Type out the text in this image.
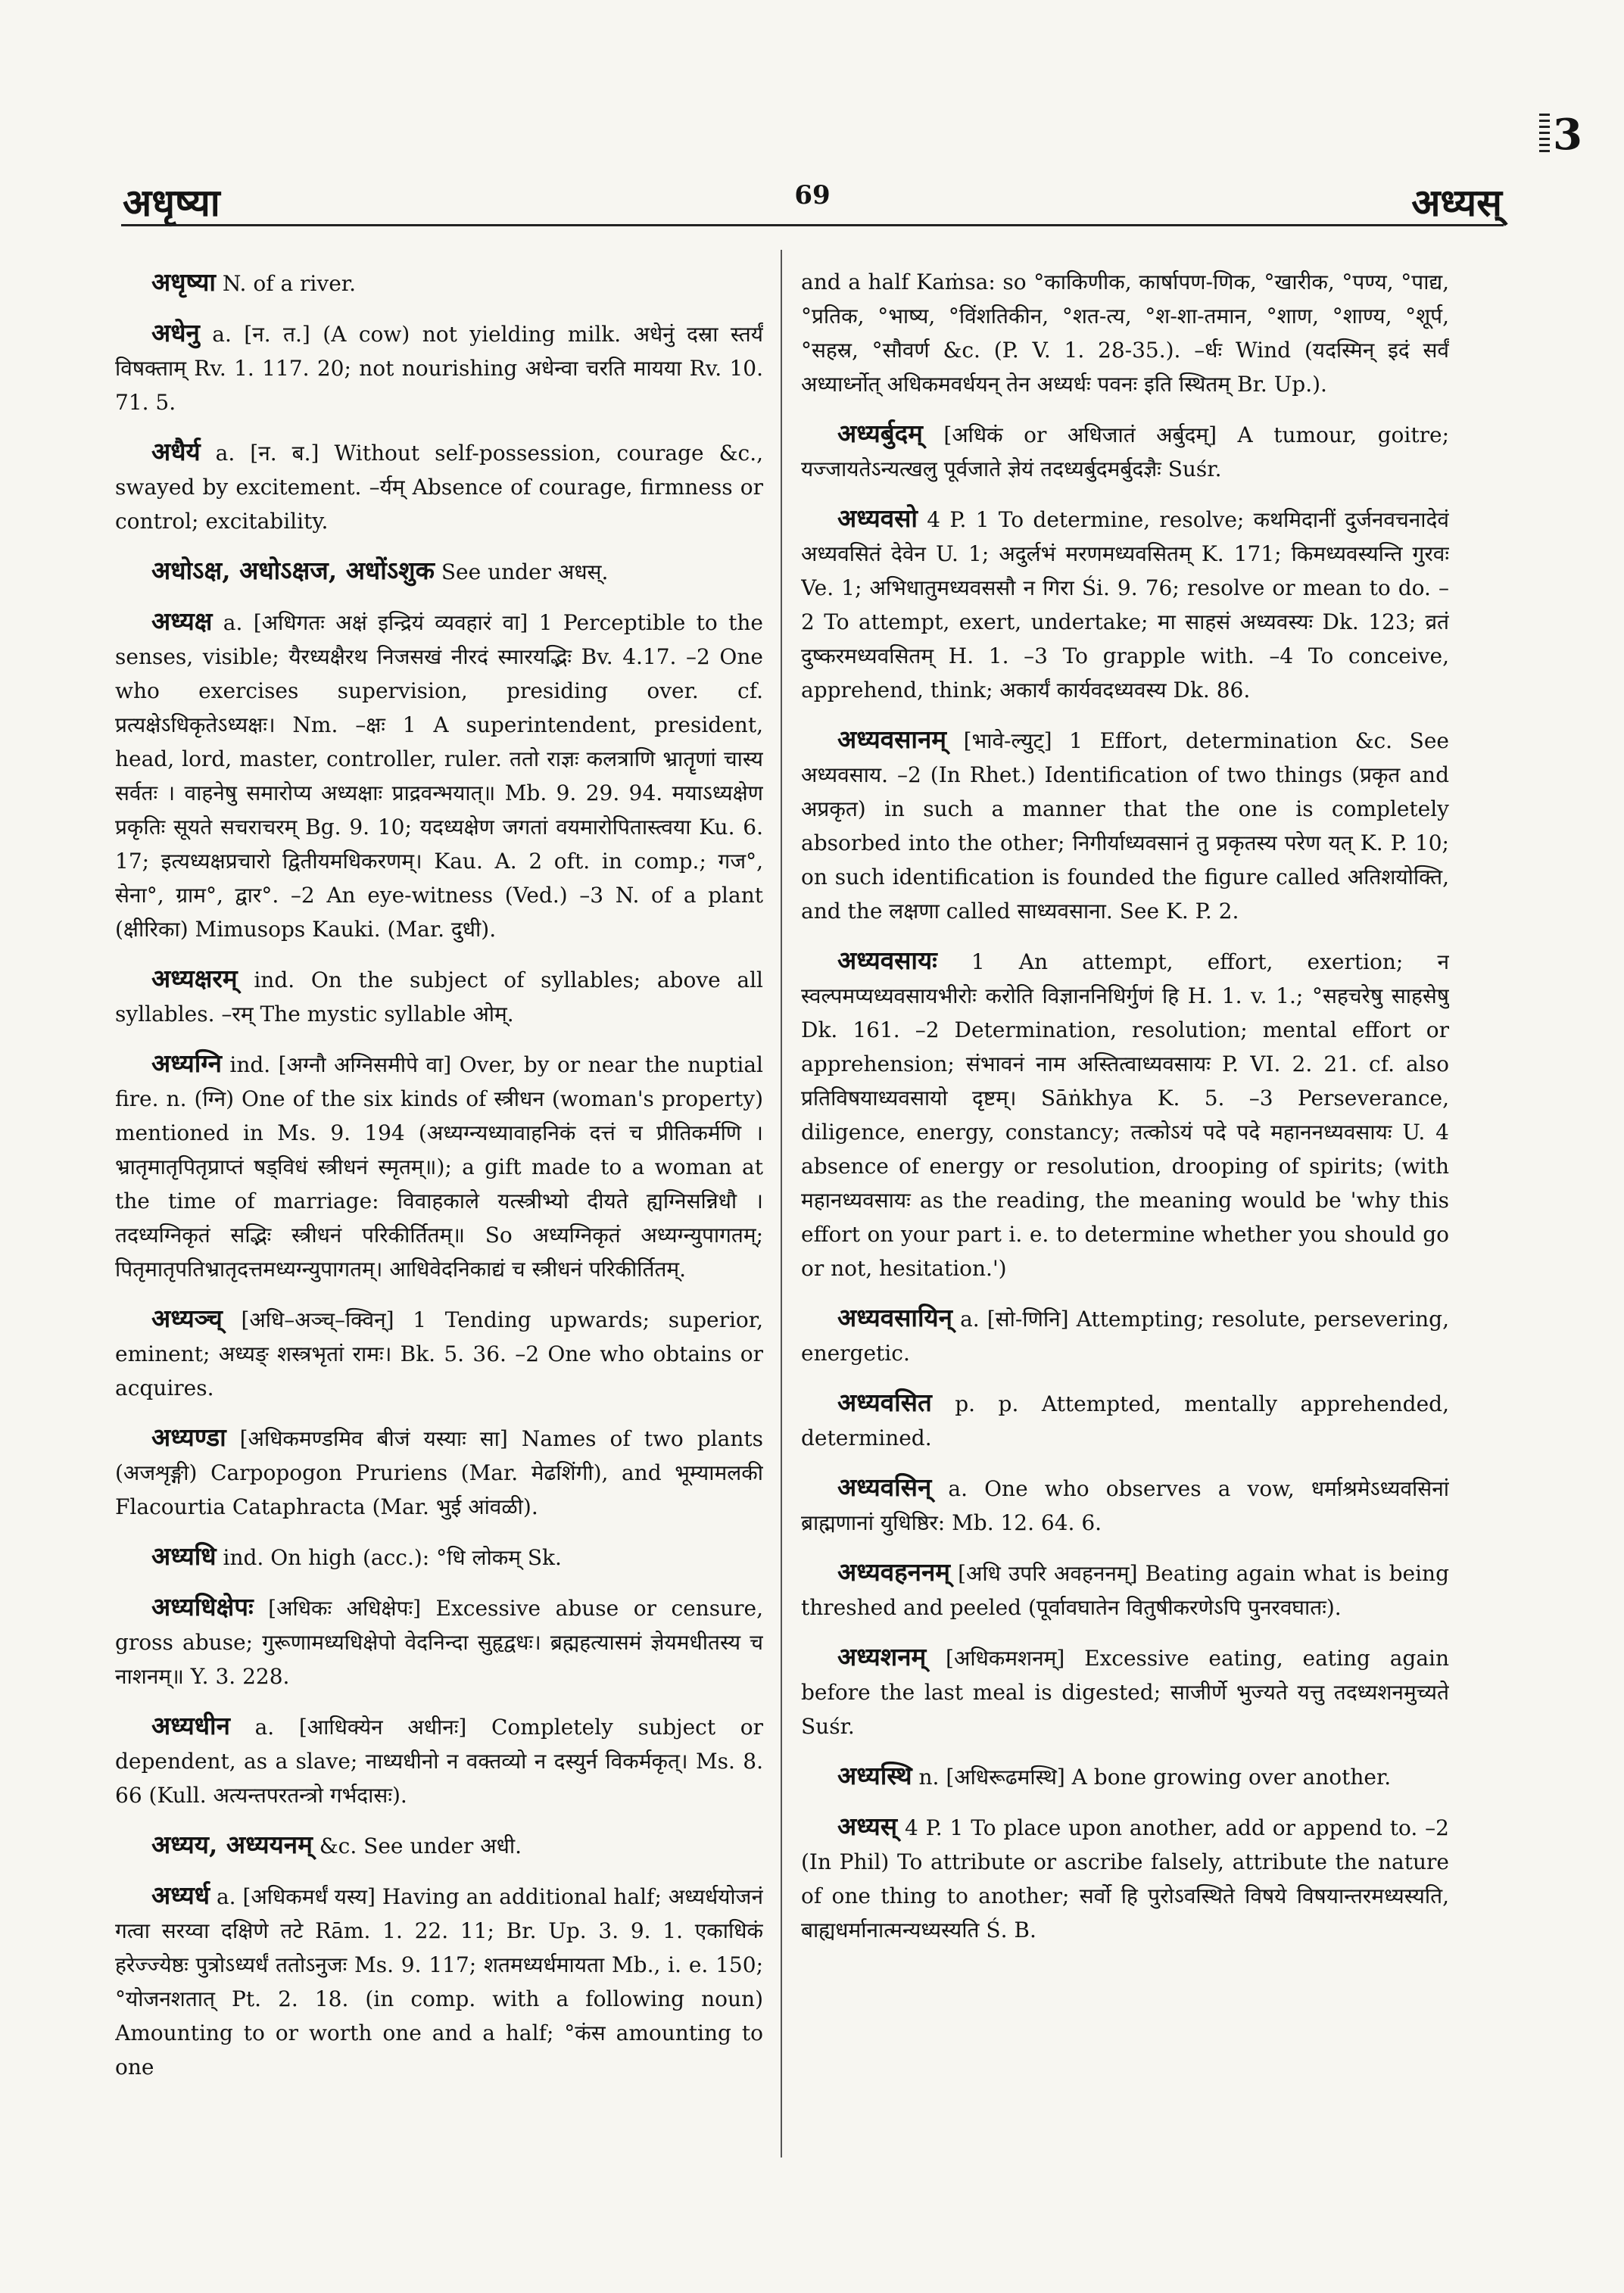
3
अधृष्या	69	अध्यस्

अधृष्या N. of a river.

अधेनु a. [न. त.] (A cow) not yielding milk. अधेनुं दस्रा स्तर्यं विषक्ताम् Rv. 1. 117. 20; not nourishing अधेन्वा चरति मायया Rv. 10. 71. 5.

अधैर्य a. [न. ब.] Without self-possession, courage &c., swayed by excitement. –र्यम् Absence of courage, firmness or control; excitability.

अधोऽक्ष, अधोऽक्षज, अधोंऽशुक See under अधस्.

अध्यक्ष a. [अधिगतः अक्षं इन्द्रियं व्यवहारं वा] 1 Perceptible to the senses, visible; यैरध्यक्षैरथ निजसखं नीरदं स्मारयद्भिः Bv. 4.17. –2 One who exercises supervision, presiding over. cf. प्रत्यक्षेऽधिकृतेऽध्यक्षः। Nm. –क्षः 1 A superintendent, president, head, lord, master, controller, ruler. ततो राज्ञः कलत्राणि भ्रातॄणां चास्य सर्वतः । वाहनेषु समारोप्य अध्यक्षाः प्राद्रवन्भयात्॥ Mb. 9. 29. 94. मयाऽध्यक्षेण प्रकृतिः सूयते सचराचरम् Bg. 9. 10; यदध्यक्षेण जगतां वयमारोपितास्त्वया Ku. 6. 17; इत्यध्यक्षप्रचारो द्वितीयमधिकरणम्। Kau. A. 2 oft. in comp.; गज°, सेना°, ग्राम°, द्वार°. –2 An eye-witness (Ved.) –3 N. of a plant (क्षीरिका) Mimusops Kauki. (Mar. दुधी).

अध्यक्षरम् ind. On the subject of syllables; above all syllables. –रम् The mystic syllable ओम्.

अध्यग्नि ind. [अग्नौ अग्निसमीपे वा] Over, by or near the nuptial fire. n. (ग्नि) One of the six kinds of स्त्रीधन (woman's property) mentioned in Ms. 9. 194 (अध्यग्न्यध्यावाहनिकं दत्तं च प्रीतिकर्मणि । भ्रातृमातृपितृप्राप्तं षड्विधं स्त्रीधनं स्मृतम्॥); a gift made to a woman at the time of marriage: विवाहकाले यत्स्त्रीभ्यो दीयते ह्यग्निसन्निधौ । तदध्यग्निकृतं सद्भिः स्त्रीधनं परिकीर्तितम्॥ So अध्यग्निकृतं अध्यग्न्युपागतम्; पितृमातृपतिभ्रातृदत्तमध्यग्न्युपागतम्। आधिवेदनिकाद्यं च स्त्रीधनं परिकीर्तितम्.

अध्यञ्च् [अधि–अञ्च्–क्विन्] 1 Tending upwards; superior, eminent; अध्यङ् शस्त्रभृतां रामः। Bk. 5. 36. –2 One who obtains or acquires.

अध्यण्डा [अधिकमण्डमिव बीजं यस्याः सा] Names of two plants (अजशृङ्गी) Carpopogon Pruriens (Mar. मेढशिंगी), and भूम्यामलकी Flacourtia Cataphracta (Mar. भुई आंवळी).

अध्यधि ind. On high (acc.): °धि लोकम् Sk.

अध्यधिक्षेपः [अधिकः अधिक्षेपः] Excessive abuse or censure, gross abuse; गुरूणामध्यधिक्षेपो वेदनिन्दा सुहृद्वधः। ब्रह्महत्यासमं ज्ञेयमधीतस्य च नाशनम्॥ Y. 3. 228.

अध्यधीन a. [आधिक्येन अधीनः] Completely subject or dependent, as a slave; नाध्यधीनो न वक्तव्यो न दस्युर्न विकर्मकृत्। Ms. 8. 66 (Kull. अत्यन्तपरतन्त्रो गर्भदासः).

अध्यय, अध्ययनम् &c. See under अधी.

अध्यर्ध a. [अधिकमर्धं यस्य] Having an additional half; अध्यर्धयोजनं गत्वा सरय्वा दक्षिणे तटे Rām. 1. 22. 11; Br. Up. 3. 9. 1. एकाधिकं हरेज्ज्येष्ठः पुत्रोऽध्यर्धं ततोऽनुजः Ms. 9. 117; शतमध्यर्धमायता Mb., i. e. 150; °योजनशतात् Pt. 2. 18. (in comp. with a following noun) Amounting to or worth one and a half; °कंस amounting to one

and a half Kaṁsa: so °काकिणीक, कार्षापण-णिक, °खारीक, °पण्य, °पाद्य, °प्रतिक, °भाष्य, °विंशतिकीन, °शत-त्य, °श-शा-तमान, °शाण, °शाण्य, °शूर्प, °सहस्र, °सौवर्ण &c. (P. V. 1. 28-35.). –र्धः Wind (यदस्मिन् इदं सर्वं अध्यार्ध्नोत् अधिकमवर्धयन् तेन अध्यर्धः पवनः इति स्थितम् Br. Up.).

अध्यर्बुदम् [अधिकं or अधिजातं अर्बुदम्] A tumour, goitre; यज्जायतेऽन्यत्खलु पूर्वजाते ज्ञेयं तदध्यर्बुदमर्बुदज्ञैः Suśr.

अध्यवसो 4 P. 1 To determine, resolve; कथमिदानीं दुर्जनवचनादेवं अध्यवसितं देवेन U. 1; अदुर्लभं मरणमध्यवसितम् K. 171; किमध्यवस्यन्ति गुरवः Ve. 1; अभिधातुमध्यवससौ न गिरा Śi. 9. 76; resolve or mean to do. –2 To attempt, exert, undertake; मा साहसं अध्यवस्यः Dk. 123; व्रतं दुष्करमध्यवसितम् H. 1. –3 To grapple with. –4 To conceive, apprehend, think; अकार्यं कार्यवदध्यवस्य Dk. 86.

अध्यवसानम् [भावे-ल्युट्] 1 Effort, determination &c. See अध्यवसाय. –2 (In Rhet.) Identification of two things (प्रकृत and अप्रकृत) in such a manner that the one is completely absorbed into the other; निगीर्याध्यवसानं तु प्रकृतस्य परेण यत् K. P. 10; on such identification is founded the figure called अतिशयोक्ति, and the लक्षणा called साध्यवसाना. See K. P. 2.

अध्यवसायः 1 An attempt, effort, exertion; न स्वल्पमप्यध्यवसायभीरोः करोति विज्ञाननिधिर्गुणं हि H. 1. v. 1.; °सहचरेषु साहसेषु Dk. 161. –2 Determination, resolution; mental effort or apprehension; संभावनं नाम अस्तित्वाध्यवसायः P. VI. 2. 21. cf. also प्रतिविषयाध्यवसायो दृष्टम्। Sāṅkhya K. 5. –3 Perseverance, diligence, energy, constancy; तत्कोऽयं पदे पदे महाननध्यवसायः U. 4 absence of energy or resolution, drooping of spirits; (with महानध्यवसायः as the reading, the meaning would be 'why this effort on your part i. e. to determine whether you should go or not, hesitation.')

अध्यवसायिन् a. [सो-णिनि] Attempting; resolute, persevering, energetic.

अध्यवसित p. p. Attempted, mentally apprehended, determined.

अध्यवसिन् a. One who observes a vow, धर्माश्रमेऽध्यवसिनां ब्राह्मणानां युधिष्ठिर: Mb. 12. 64. 6.

अध्यवहननम् [अधि उपरि अवहननम्] Beating again what is being threshed and peeled (पूर्वावघातेन वितुषीकरणेऽपि पुनरवघातः).

अध्यशनम् [अधिकमशनम्] Excessive eating, eating again before the last meal is digested; साजीर्णे भुज्यते यत्तु तदध्यशनमुच्यते Suśr.

अध्यस्थि n. [अधिरूढमस्थि] A bone growing over another.

अध्यस् 4 P. 1 To place upon another, add or append to. –2 (In Phil) To attribute or ascribe falsely, attribute the nature of one thing to another; सर्वो हि पुरोऽवस्थिते विषये विषयान्तरमध्यस्यति, बाह्यधर्मानात्मन्यध्यस्यति Ś. B.
